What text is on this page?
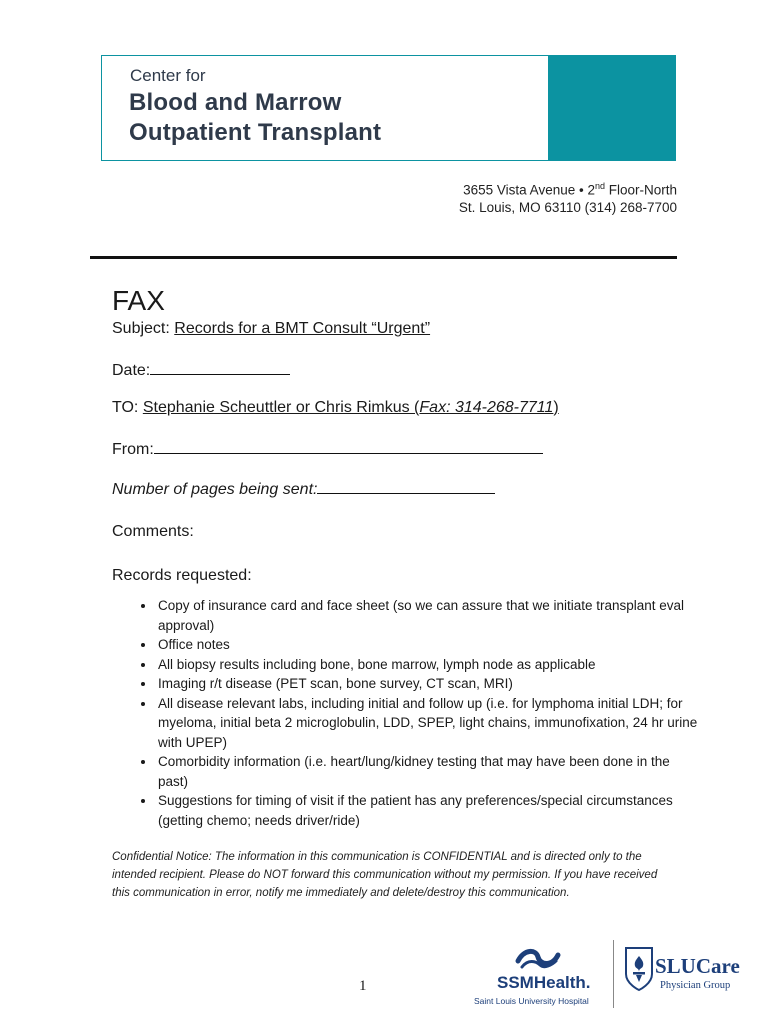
Center for
Blood and Marrow
Outpatient Transplant
3655 Vista Avenue • 2nd Floor-North
St. Louis, MO 63110 (314) 268-7700
FAX
Subject: Records for a BMT Consult “Urgent”
Date:
TO: Stephanie Scheuttler or Chris Rimkus (Fax: 314-268-7711)
From:
Number of pages being sent:
Comments:
Records requested:
• Copy of insurance card and face sheet (so we can assure that we initiate transplant eval approval)
• Office notes
• All biopsy results including bone, bone marrow, lymph node as applicable
• Imaging r/t disease (PET scan, bone survey, CT scan, MRI)
• All disease relevant labs, including initial and follow up (i.e. for lymphoma initial LDH; for myeloma, initial beta 2 microglobulin, LDD, SPEP, light chains, immunofixation, 24 hr urine with UPEP)
• Comorbidity information (i.e. heart/lung/kidney testing that may have been done in the past)
• Suggestions for timing of visit if the patient has any preferences/special circumstances (getting chemo; needs driver/ride)
Confidential Notice: The information in this communication is CONFIDENTIAL and is directed only to the intended recipient. Please do NOT forward this communication without my permission. If you have received this communication in error, notify me immediately and delete/destroy this communication.
1	SSMHealth.
Saint Louis University Hospital
SLUCare
Physician Group
